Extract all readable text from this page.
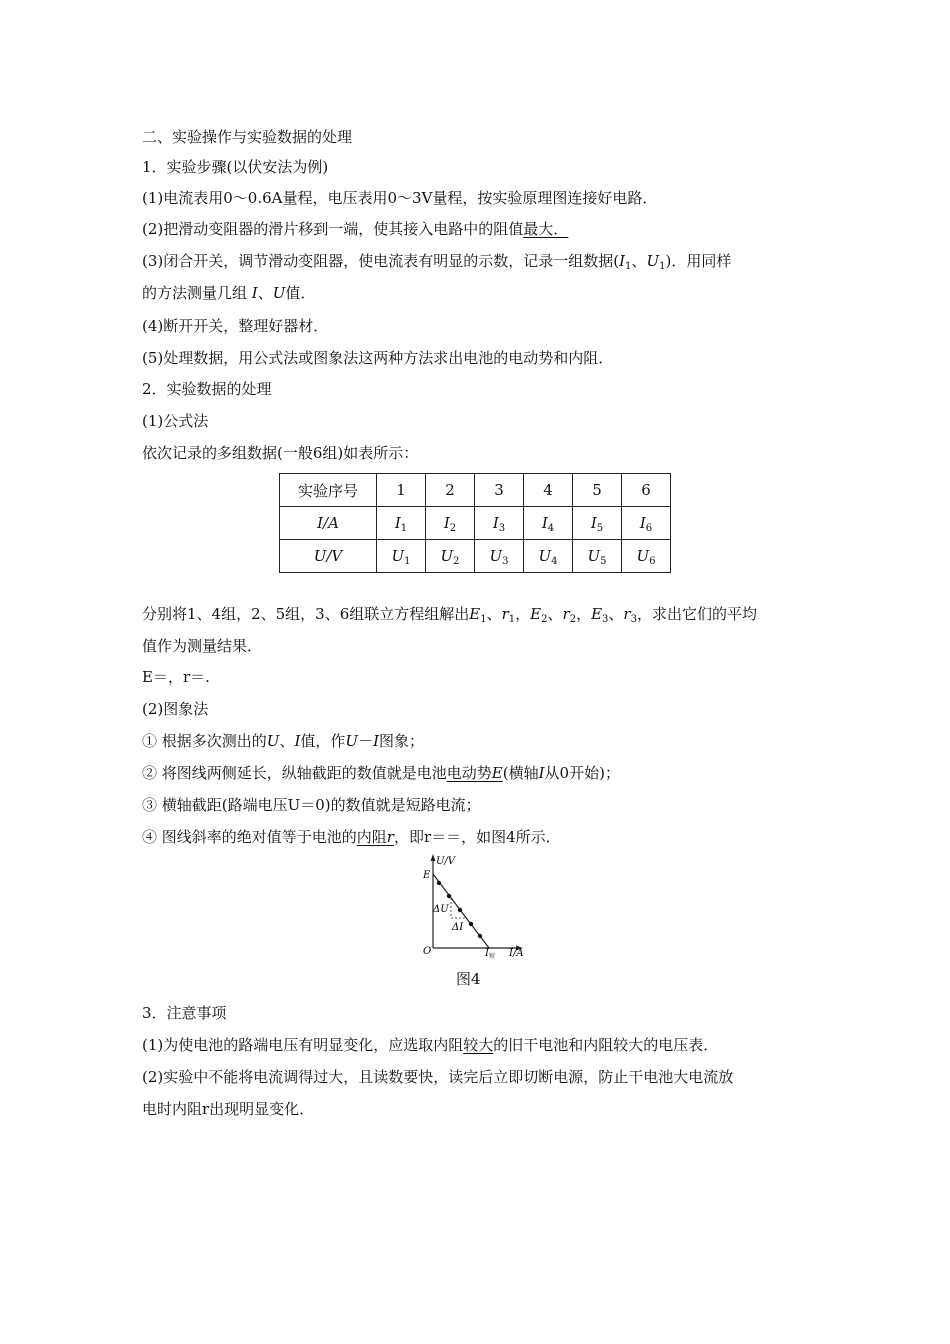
二、实验操作与实验数据的处理
1．实验步骤(以伏安法为例)
(1)电流表用0～0.6A量程，电压表用0～3V量程，按实验原理图连接好电路．
(2)把滑动变阻器的滑片移到一端，使其接入电路中的阻值最大．
(3)闭合开关，调节滑动变阻器，使电流表有明显的示数，记录一组数据($I_1$、$U_1$)．用同样
的方法测量几组 I、U值．
(4)断开开关，整理好器材．
(5)处理数据，用公式法或图象法这两种方法求出电池的电动势和内阻．
2．实验数据的处理
(1)公式法
依次记录的多组数据(一般6组)如表所示：
实验序号	1	2	3	4	5	6
I/A	$I_1$	$I_2$	$I_3$	$I_4$	$I_5$	$I_6$
U/V	$U_1$	$U_2$	$U_3$	$U_4$	$U_5$	$U_6$
分别将1、4组，2、5组，3、6组联立方程组解出$E_1$、$r_1$，$E_2$、$r_2$，$E_3$、$r_3$，求出它们的平均
值作为测量结果．
E＝，r＝.
(2)图象法
① 根据多次测出的U、I值，作U－I图象；
② 将图线两侧延长，纵轴截距的数值就是电池电动势E(横轴I从0开始)；
③ 横轴截距(路端电压U＝0)的数值就是短路电流；
④ 图线斜率的绝对值等于电池的内阻r，即r＝＝，如图4所示．
U/V
E
ΔU
ΔI
O	$I_短$ I/A
图4
3．注意事项
(1)为使电池的路端电压有明显变化，应选取内阻较大的旧干电池和内阻较大的电压表．
(2)实验中不能将电流调得过大，且读数要快，读完后立即切断电源，防止干电池大电流放
电时内阻r出现明显变化．
